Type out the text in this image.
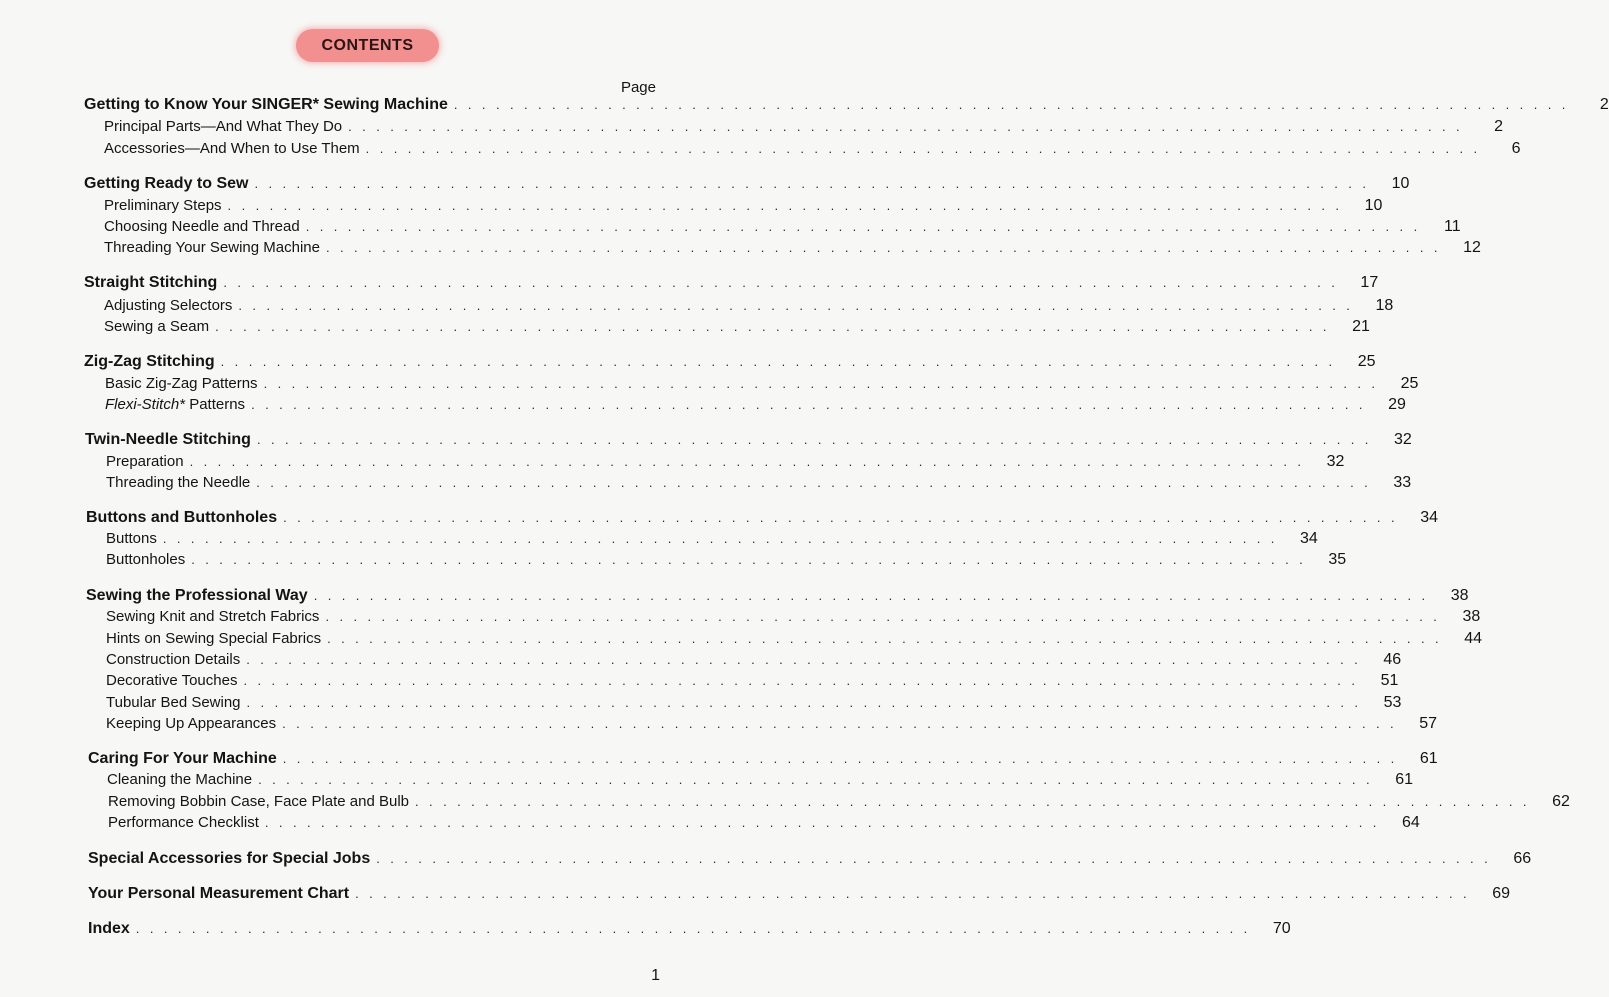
CONTENTS
Page
Getting to Know Your SINGER* Sewing Machine . . . . . . . . . . . . . . . . . . . . . . . . . . . . . . . . . . . . . . . . . . . . . . . . . . . . . . . . . . . . . . . . . . . . . . . . . . . . . . . .	2
Principal Parts—And What They Do . . . . . . . . . . . . . . . . . . . . . . . . . . . . . . . . . . . . . . . . . . . . . . . . . . . . . . . . . . . . . . . . . . . . . . . . . . . . . . . .	2
Accessories—And When to Use Them . . . . . . . . . . . . . . . . . . . . . . . . . . . . . . . . . . . . . . . . . . . . . . . . . . . . . . . . . . . . . . . . . . . . . . . . . . . . . . . .	6
Getting Ready to Sew . . . . . . . . . . . . . . . . . . . . . . . . . . . . . . . . . . . . . . . . . . . . . . . . . . . . . . . . . . . . . . . . . . . . . . . . . . . . . . . .	10
Preliminary Steps . . . . . . . . . . . . . . . . . . . . . . . . . . . . . . . . . . . . . . . . . . . . . . . . . . . . . . . . . . . . . . . . . . . . . . . . . . . . . . . .	10
Choosing Needle and Thread . . . . . . . . . . . . . . . . . . . . . . . . . . . . . . . . . . . . . . . . . . . . . . . . . . . . . . . . . . . . . . . . . . . . . . . . . . . . . . . .	11
Threading Your Sewing Machine . . . . . . . . . . . . . . . . . . . . . . . . . . . . . . . . . . . . . . . . . . . . . . . . . . . . . . . . . . . . . . . . . . . . . . . . . . . . . . . .	12
Straight Stitching . . . . . . . . . . . . . . . . . . . . . . . . . . . . . . . . . . . . . . . . . . . . . . . . . . . . . . . . . . . . . . . . . . . . . . . . . . . . . . . .	17
Adjusting Selectors . . . . . . . . . . . . . . . . . . . . . . . . . . . . . . . . . . . . . . . . . . . . . . . . . . . . . . . . . . . . . . . . . . . . . . . . . . . . . . . .	18
Sewing a Seam . . . . . . . . . . . . . . . . . . . . . . . . . . . . . . . . . . . . . . . . . . . . . . . . . . . . . . . . . . . . . . . . . . . . . . . . . . . . . . . .	21
Zig-Zag Stitching . . . . . . . . . . . . . . . . . . . . . . . . . . . . . . . . . . . . . . . . . . . . . . . . . . . . . . . . . . . . . . . . . . . . . . . . . . . . . . . .	25
Basic Zig-Zag Patterns . . . . . . . . . . . . . . . . . . . . . . . . . . . . . . . . . . . . . . . . . . . . . . . . . . . . . . . . . . . . . . . . . . . . . . . . . . . . . . . .	25
Flexi-Stitch* Patterns . . . . . . . . . . . . . . . . . . . . . . . . . . . . . . . . . . . . . . . . . . . . . . . . . . . . . . . . . . . . . . . . . . . . . . . . . . . . . . . .	29
Twin-Needle Stitching . . . . . . . . . . . . . . . . . . . . . . . . . . . . . . . . . . . . . . . . . . . . . . . . . . . . . . . . . . . . . . . . . . . . . . . . . . . . . . . .	32
Preparation . . . . . . . . . . . . . . . . . . . . . . . . . . . . . . . . . . . . . . . . . . . . . . . . . . . . . . . . . . . . . . . . . . . . . . . . . . . . . . . .	32
Threading the Needle . . . . . . . . . . . . . . . . . . . . . . . . . . . . . . . . . . . . . . . . . . . . . . . . . . . . . . . . . . . . . . . . . . . . . . . . . . . . . . . .	33
Buttons and Buttonholes . . . . . . . . . . . . . . . . . . . . . . . . . . . . . . . . . . . . . . . . . . . . . . . . . . . . . . . . . . . . . . . . . . . . . . . . . . . . . . . .	34
Buttons . . . . . . . . . . . . . . . . . . . . . . . . . . . . . . . . . . . . . . . . . . . . . . . . . . . . . . . . . . . . . . . . . . . . . . . . . . . . . . . .	34
Buttonholes . . . . . . . . . . . . . . . . . . . . . . . . . . . . . . . . . . . . . . . . . . . . . . . . . . . . . . . . . . . . . . . . . . . . . . . . . . . . . . . .	35
Sewing the Professional Way . . . . . . . . . . . . . . . . . . . . . . . . . . . . . . . . . . . . . . . . . . . . . . . . . . . . . . . . . . . . . . . . . . . . . . . . . . . . . . . .	38
Sewing Knit and Stretch Fabrics . . . . . . . . . . . . . . . . . . . . . . . . . . . . . . . . . . . . . . . . . . . . . . . . . . . . . . . . . . . . . . . . . . . . . . . . . . . . . . . .	38
Hints on Sewing Special Fabrics . . . . . . . . . . . . . . . . . . . . . . . . . . . . . . . . . . . . . . . . . . . . . . . . . . . . . . . . . . . . . . . . . . . . . . . . . . . . . . . .	44
Construction Details . . . . . . . . . . . . . . . . . . . . . . . . . . . . . . . . . . . . . . . . . . . . . . . . . . . . . . . . . . . . . . . . . . . . . . . . . . . . . . . .	46
Decorative Touches . . . . . . . . . . . . . . . . . . . . . . . . . . . . . . . . . . . . . . . . . . . . . . . . . . . . . . . . . . . . . . . . . . . . . . . . . . . . . . . .	51
Tubular Bed Sewing . . . . . . . . . . . . . . . . . . . . . . . . . . . . . . . . . . . . . . . . . . . . . . . . . . . . . . . . . . . . . . . . . . . . . . . . . . . . . . . .	53
Keeping Up Appearances . . . . . . . . . . . . . . . . . . . . . . . . . . . . . . . . . . . . . . . . . . . . . . . . . . . . . . . . . . . . . . . . . . . . . . . . . . . . . . . .	57
Caring For Your Machine . . . . . . . . . . . . . . . . . . . . . . . . . . . . . . . . . . . . . . . . . . . . . . . . . . . . . . . . . . . . . . . . . . . . . . . . . . . . . . . .	61
Cleaning the Machine . . . . . . . . . . . . . . . . . . . . . . . . . . . . . . . . . . . . . . . . . . . . . . . . . . . . . . . . . . . . . . . . . . . . . . . . . . . . . . . .	61
Removing Bobbin Case, Face Plate and Bulb . . . . . . . . . . . . . . . . . . . . . . . . . . . . . . . . . . . . . . . . . . . . . . . . . . . . . . . . . . . . . . . . . . . . . . . . . . . . . . . .	62
Performance Checklist . . . . . . . . . . . . . . . . . . . . . . . . . . . . . . . . . . . . . . . . . . . . . . . . . . . . . . . . . . . . . . . . . . . . . . . . . . . . . . . .	64
Special Accessories for Special Jobs . . . . . . . . . . . . . . . . . . . . . . . . . . . . . . . . . . . . . . . . . . . . . . . . . . . . . . . . . . . . . . . . . . . . . . . . . . . . . . . .	66
Your Personal Measurement Chart . . . . . . . . . . . . . . . . . . . . . . . . . . . . . . . . . . . . . . . . . . . . . . . . . . . . . . . . . . . . . . . . . . . . . . . . . . . . . . . .	69
Index . . . . . . . . . . . . . . . . . . . . . . . . . . . . . . . . . . . . . . . . . . . . . . . . . . . . . . . . . . . . . . . . . . . . . . . . . . . . . . . .	70
1
